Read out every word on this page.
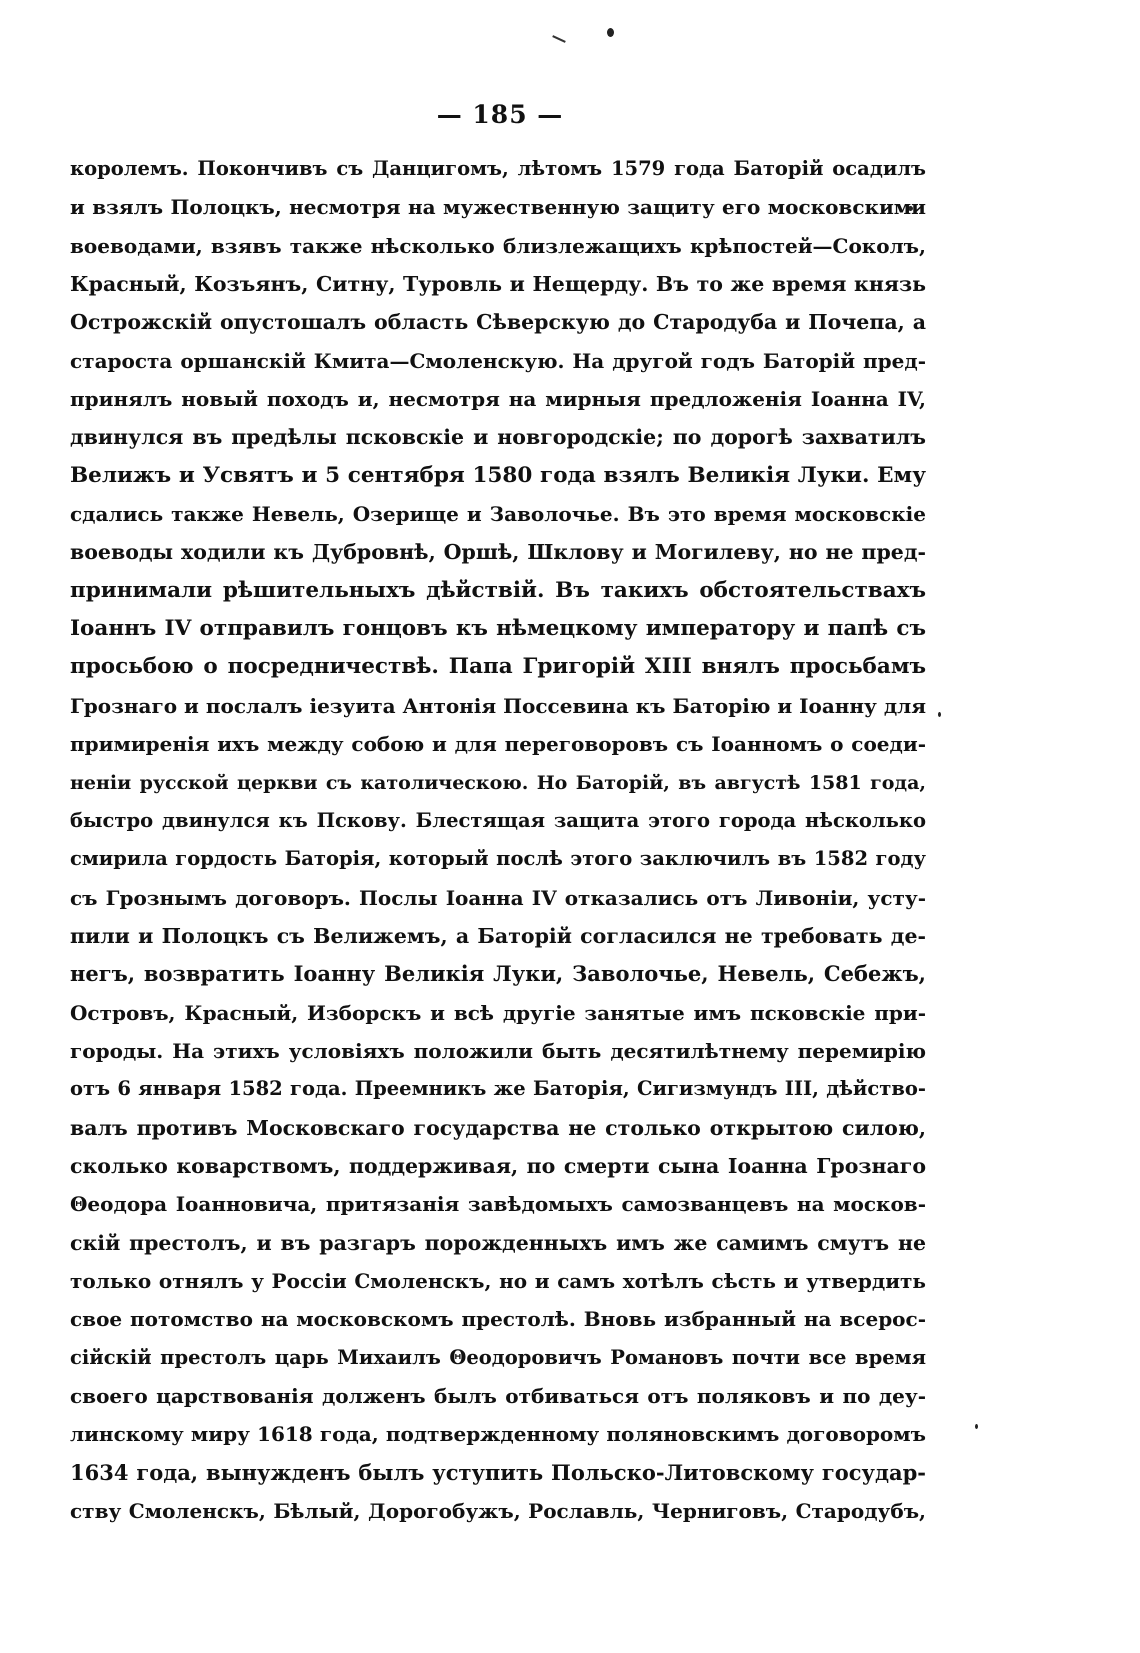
— 185 —
королемъ. Покончивъ съ Данцигомъ, лѣтомъ 1579 года Баторій осадилъ
и взялъ Полоцкъ, несмотря на мужественную защиту его московскими
воеводами, взявъ также нѣсколько близлежащихъ крѣпостей—Соколъ,
Красный, Козъянъ, Ситну, Туровль и Нещерду. Въ то же время князь
Острожскій опустошалъ область Сѣверскую до Стародуба и Почепа, а
староста оршанскій Кмита—Смоленскую. На другой годъ Баторій пред-
принялъ новый походъ и, несмотря на мирныя предложенія Іоанна IV,
двинулся въ предѣлы псковскіе и новгородскіе; по дорогѣ захватилъ
Велижъ и Усвятъ и 5 сентября 1580 года взялъ Великія Луки. Ему
сдались также Невель, Озерище и Заволочье. Въ это время московскіе
воеводы ходили къ Дубровнѣ, Оршѣ, Шклову и Могилеву, но не пред-
принимали рѣшительныхъ дѣйствій. Въ такихъ обстоятельствахъ
Іоаннъ IV отправилъ гонцовъ къ нѣмецкому императору и папѣ съ
просьбою о посредничествѣ. Папа Григорій XIII внялъ просьбамъ
Грознаго и послалъ іезуита Антонія Поссевина къ Баторію и Іоанну для
примиренія ихъ между собою и для переговоровъ съ Іоанномъ о соеди-
неніи русской церкви съ католическою. Но Баторій, въ августѣ 1581 года,
быстро двинулся къ Пскову. Блестящая защита этого города нѣсколько
смирила гордость Баторія, который послѣ этого заключилъ въ 1582 году
съ Грознымъ договоръ. Послы Іоанна IV отказались отъ Ливоніи, усту-
пили и Полоцкъ съ Велижемъ, а Баторій согласился не требовать де-
негъ, возвратить Іоанну Великія Луки, Заволочье, Невель, Себежъ,
Островъ, Красный, Изборскъ и всѣ другіе занятые имъ псковскіе при-
городы. На этихъ условіяхъ положили быть десятилѣтнему перемирію
отъ 6 января 1582 года. Преемникъ же Баторія, Сигизмундъ III, дѣйство-
валъ противъ Московскаго государства не столько открытою силою,
сколько коварствомъ, поддерживая, по смерти сына Іоанна Грознаго
Θеодора Іоанновича, притязанія завѣдомыхъ самозванцевъ на москов-
скій престолъ, и въ разгаръ порожденныхъ имъ же самимъ смутъ не
только отнялъ у Россіи Смоленскъ, но и самъ хотѣлъ сѣсть и утвердить
свое потомство на московскомъ престолѣ. Вновь избранный на всерос-
сійскій престолъ царь Михаилъ Θеодоровичъ Романовъ почти все время
своего царствованія долженъ былъ отбиваться отъ поляковъ и по деу-
линскому миру 1618 года, подтвержденному поляновскимъ договоромъ
1634 года, вынужденъ былъ уступить Польско-Литовскому государ-
ству Смоленскъ, Бѣлый, Дорогобужъ, Рославль, Черниговъ, Стародубъ,
